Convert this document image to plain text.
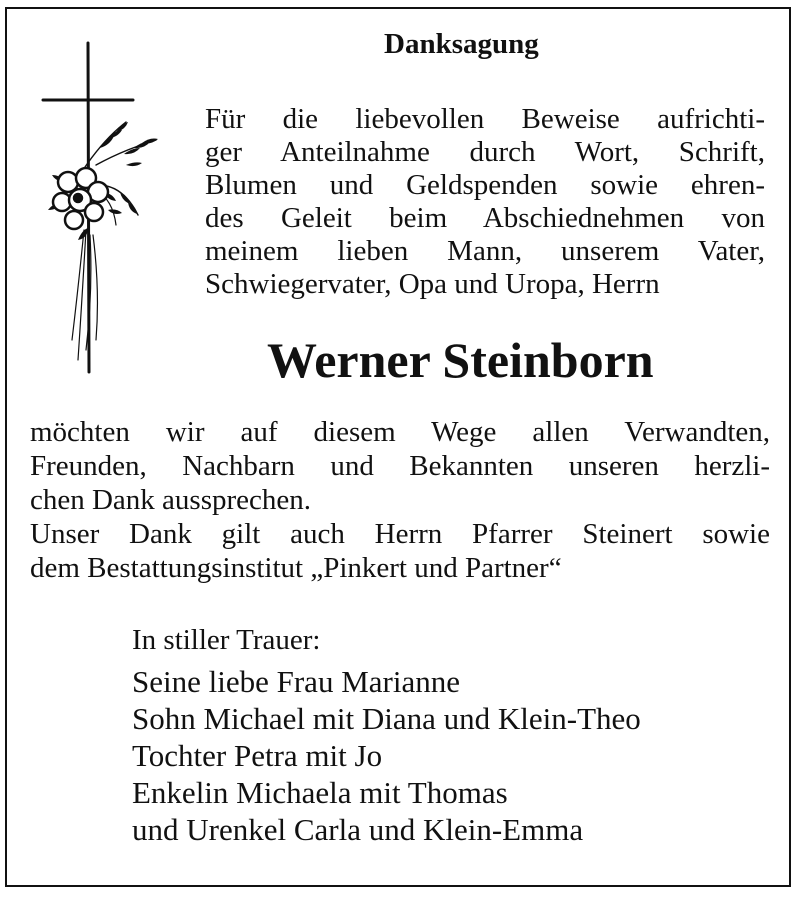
Danksagung
Für die liebevollen Beweise aufrichti-
ger Anteilnahme durch Wort, Schrift,
Blumen und Geldspenden sowie ehren-
des Geleit beim Abschiednehmen von
meinem lieben Mann, unserem Vater,
Schwiegervater, Opa und Uropa, Herrn
Werner Steinborn
möchten wir auf diesem Wege allen Verwandten,
Freunden, Nachbarn und Bekannten unseren herzli-
chen Dank aussprechen.
Unser Dank gilt auch Herrn Pfarrer Steinert sowie
dem Bestattungsinstitut „Pinkert und Partner“
In stiller Trauer:
Seine liebe Frau Marianne
Sohn Michael mit Diana und Klein-Theo
Tochter Petra mit Jo
Enkelin Michaela mit Thomas
und Urenkel Carla und Klein-Emma
